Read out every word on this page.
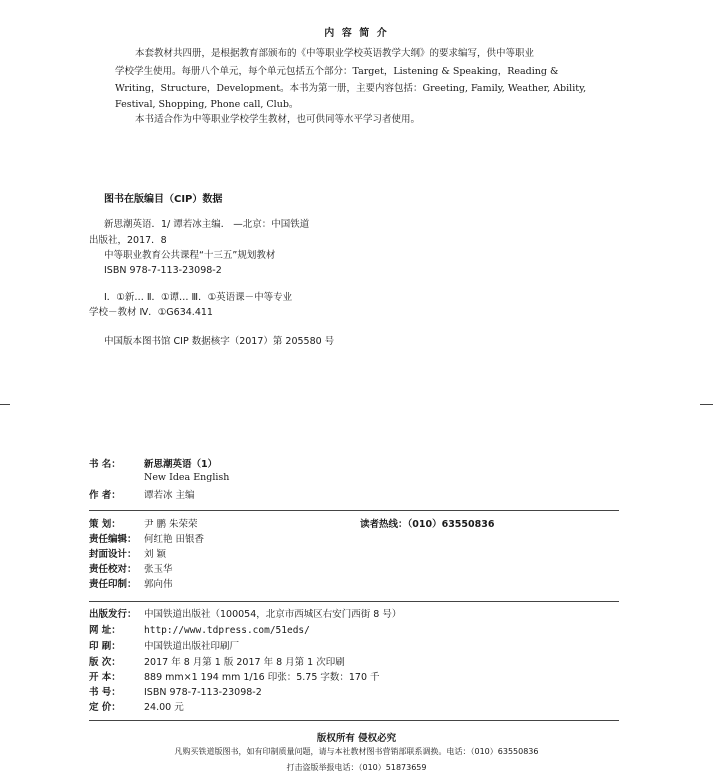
内 容 简 介
本套教材共四册，是根据教育部颁布的《中等职业学校英语教学大纲》的要求编写，供中等职业
学校学生使用。每册八个单元，每个单元包括五个部分：Target，Listening & Speaking，Reading &
Writing，Structure，Development。本书为第一册，主要内容包括：Greeting, Family, Weather, Ability,
Festival, Shopping, Phone call, Club。
本书适合作为中等职业学校学生教材，也可供同等水平学习者使用。
图书在版编目（CIP）数据
新思潮英语．1/ 谭若冰主编． —北京：中国铁道
出版社，2017．8
中等职业教育公共课程“十三五”规划教材
ISBN 978-7-113-23098-2
Ⅰ．①新… Ⅱ．①谭… Ⅲ．①英语课－中等专业
学校－教材 Ⅳ．①G634.411
中国版本图书馆 CIP 数据核字（2017）第 205580 号
书 名： 新思潮英语（1）
New Idea English
作 者： 谭若冰 主编
策 划： 尹 鹏 朱荣荣	读者热线：（010）63550836
责任编辑： 何红艳 田银香
封面设计： 刘 颖
责任校对： 张玉华
责任印制： 郭向伟
出版发行： 中国铁道出版社（100054，北京市西城区右安门西街 8 号）
网 址： http://www.tdpress.com/51eds/
印 刷： 中国铁道出版社印刷厂
版 次： 2017 年 8 月第 1 版 2017 年 8 月第 1 次印刷
开 本： 889 mm×1 194 mm 1/16 印张：5.75 字数：170 千
书 号： ISBN 978-7-113-23098-2
定 价： 24.00 元
版权所有 侵权必究
凡购买铁道版图书，如有印制质量问题，请与本社教材图书营销部联系调换。电话：（010）63550836
打击盗版举报电话：（010）51873659
